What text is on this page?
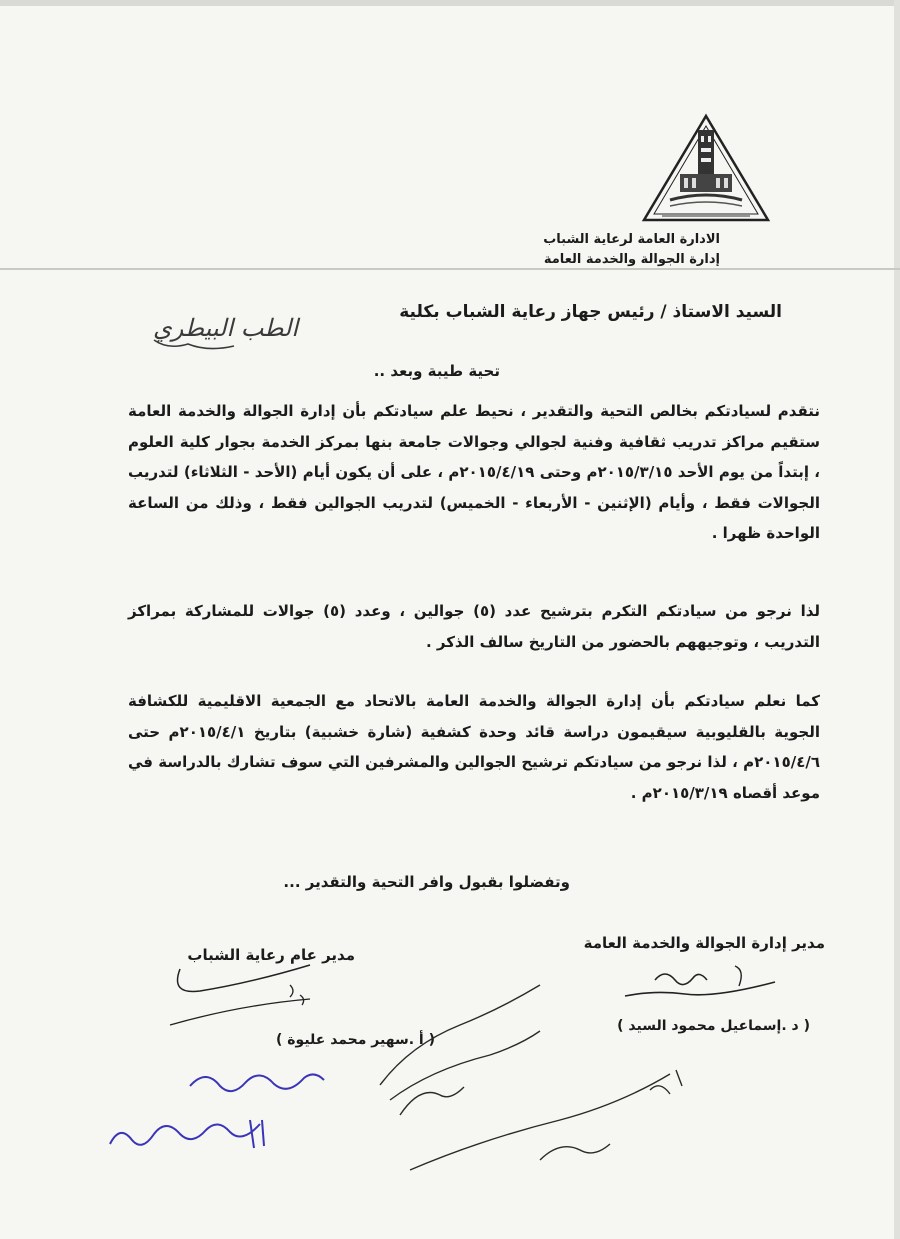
الادارة العامة لرعاية الشباب
إدارة الجوالة والخدمة العامة
السيد الاستاذ / رئيس جهاز رعاية الشباب بكلية
الطب البيطري
تحية طيبة وبعد ..

نتقدم لسيادتكم بخالص التحية والتقدير ، نحيط علم سيادتكم بأن إدارة الجوالة والخدمة العامة ستقيم مراكز تدريب ثقافية وفنية لجوالي وجوالات جامعة بنها بمركز الخدمة بجوار كلية العلوم ، إبتداً من يوم الأحد ٢٠١٥/٣/١٥م وحتى ٢٠١٥/٤/١٩م ، على أن يكون أيام (الأحد - الثلاثاء) لتدريب الجوالات فقط ، وأيام (الإثنين - الأربعاء - الخميس) لتدريب الجوالين فقط ، وذلك من الساعة الواحدة ظهرا .

لذا نرجو من سيادتكم التكرم بترشيح عدد (٥) جوالين ، وعدد (٥) جوالات للمشاركة بمراكز التدريب ، وتوجيههم بالحضور من التاريخ سالف الذكر .

كما نعلم سيادتكم بأن إدارة الجوالة والخدمة العامة بالاتحاد مع الجمعية الاقليمية للكشافة الجوية بالقليوبية سيقيمون دراسة قائد وحدة كشفية (شارة خشبية) بتاريخ ٢٠١٥/٤/١م حتى ٢٠١٥/٤/٦م ، لذا نرجو من سيادتكم ترشيح الجوالين والمشرفين التي سوف تشارك بالدراسة في موعد أقصاه ٢٠١٥/٣/١٩م .

وتفضلوا بقبول وافر التحية والتقدير ...
مدير إدارة الجوالة والخدمة العامة
مدير عام رعاية الشباب
( د .إسماعيل محمود السيد )
( أ .سهير محمد عليوة )
